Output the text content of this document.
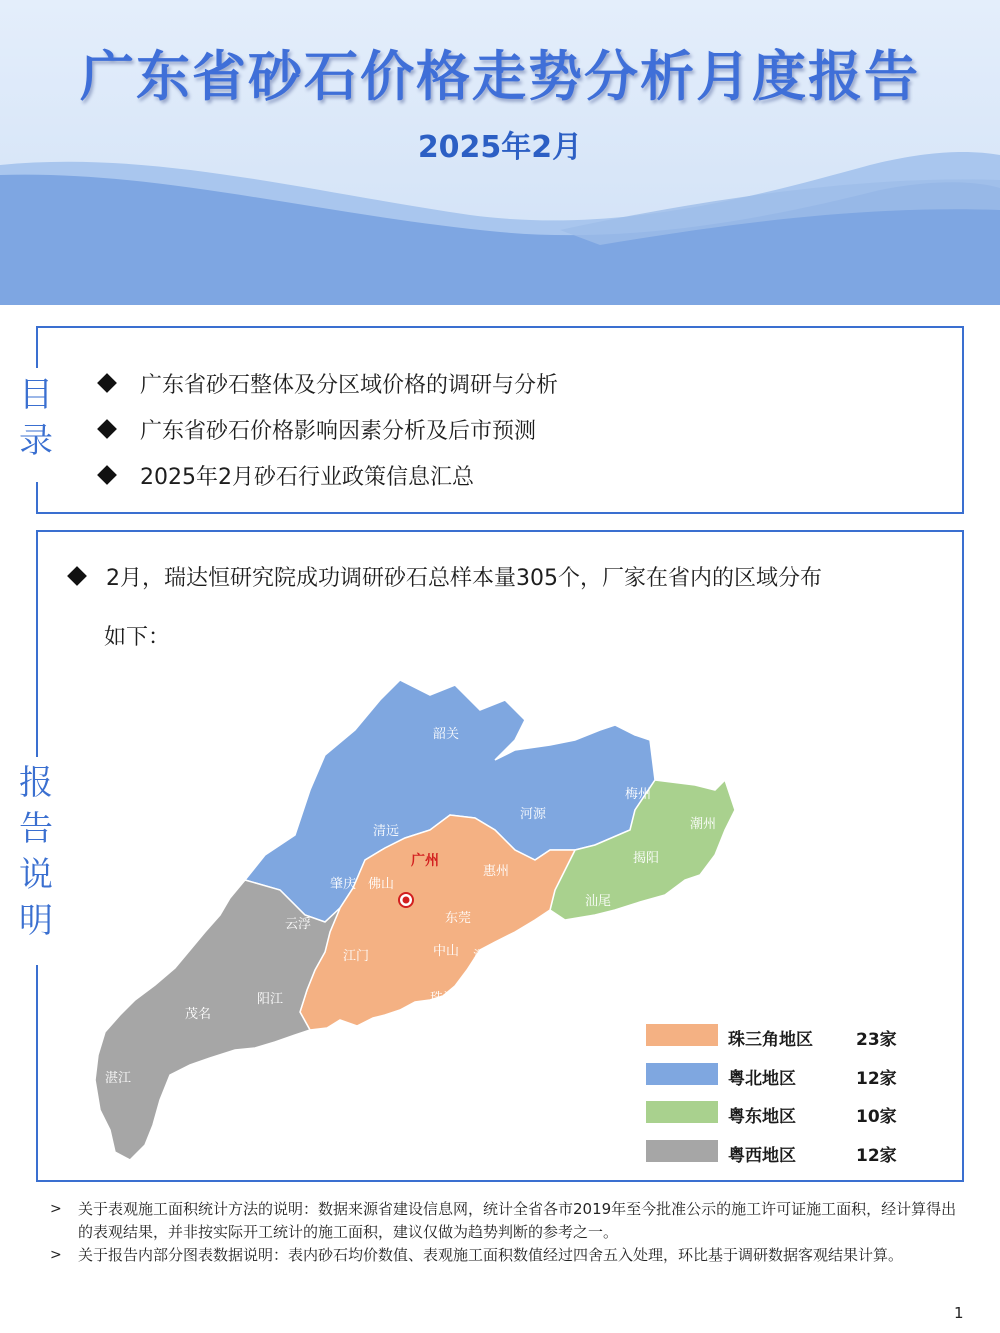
广东省砂石价格走势分析月度报告
2025年2月
目
录
广东省砂石整体及分区域价格的调研与分析
广东省砂石价格影响因素分析及后市预测
2025年2月砂石行业政策信息汇总
报
告
说
明
2月，瑞达恒研究院成功调研砂石总样本量305个，厂家在省内的区域分布
如下：
广州
韶关
梅州
河源
清远	潮州
揭阳
汕头
汕尾
惠州
肇庆 佛山
东莞
云浮
江门	中山 深圳
珠海
阳江
茂名
湛江
珠三角地区	23家
粤北地区	12家
粤东地区	10家
粤西地区	12家
> 关于表观施工面积统计方法的说明：数据来源省建设信息网，统计全省各市2019年至今批准公示的施工许可证施工面积，经计算得出的表观结果，并非按实际开工统计的施工面积，建议仅做为趋势判断的参考之一。
> 关于报告内部分图表数据说明：表内砂石均价数值、表观施工面积数值经过四舍五入处理，环比基于调研数据客观结果计算。
1
